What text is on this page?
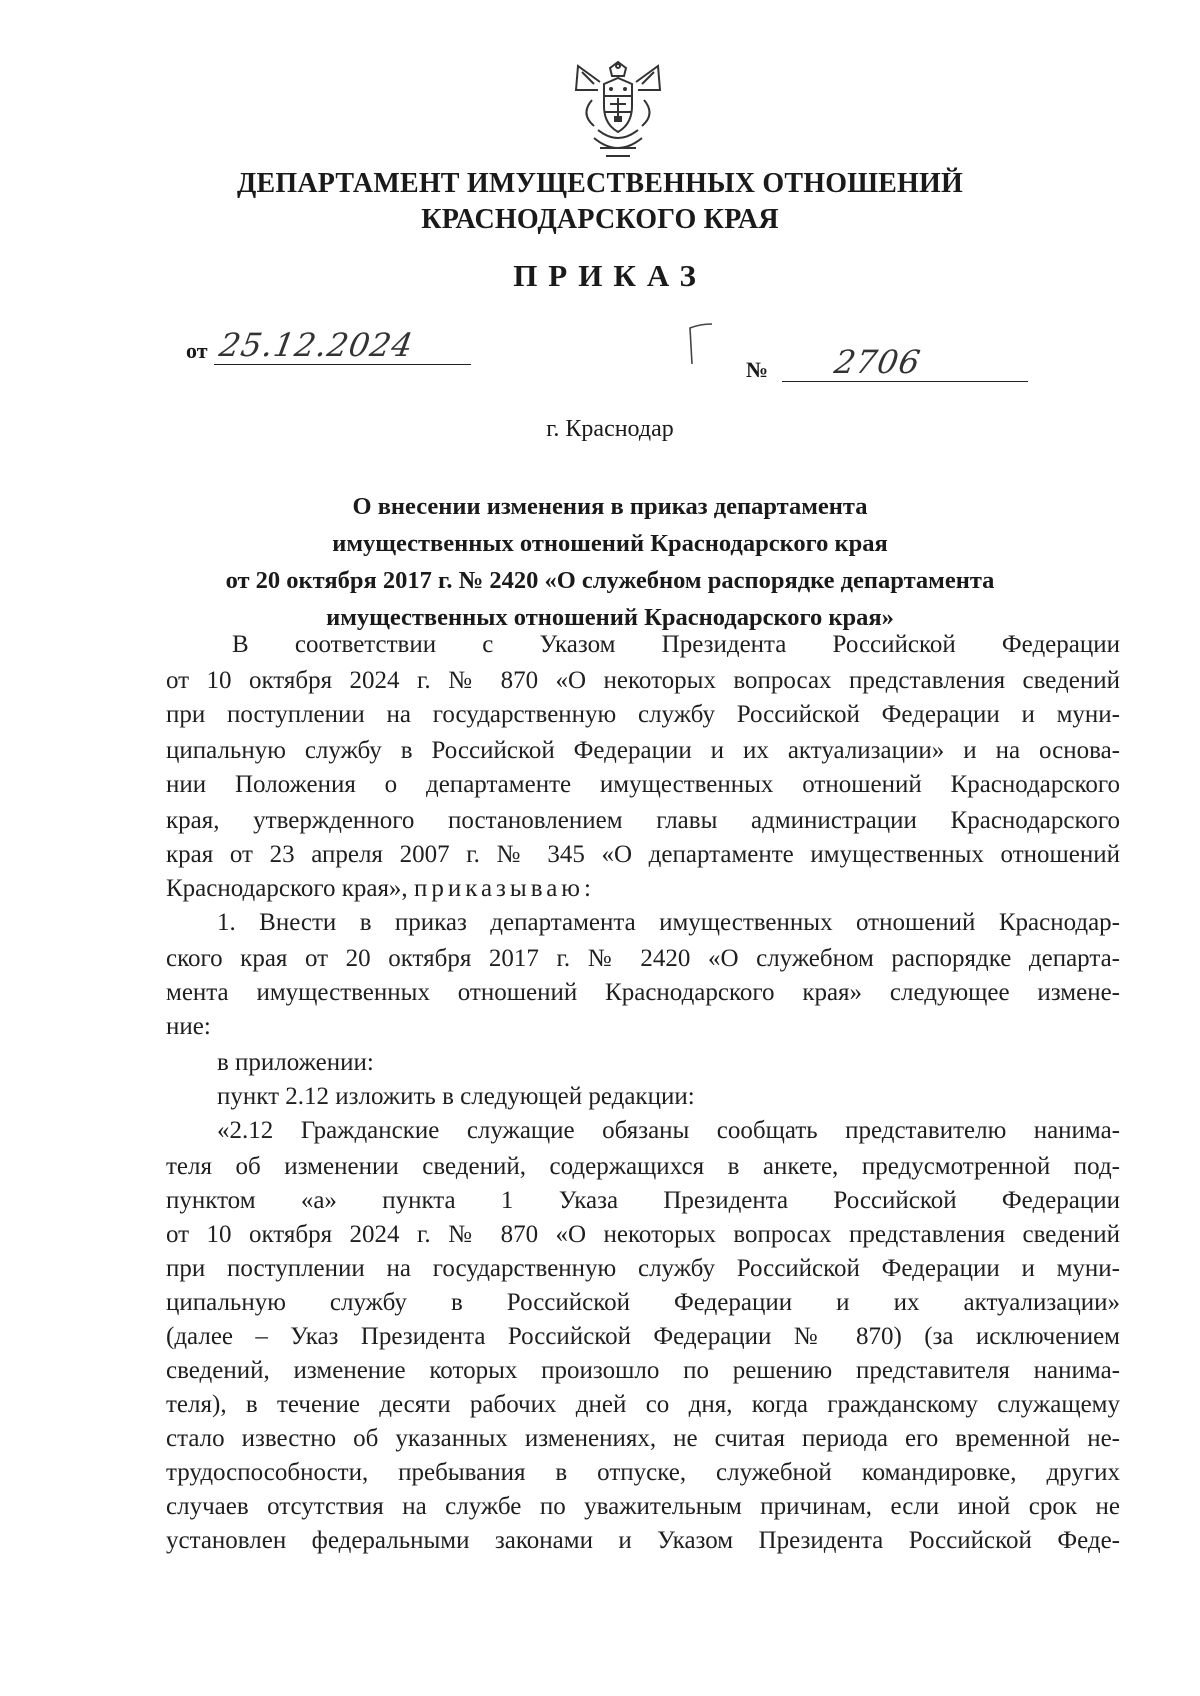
ДЕПАРТАМЕНТ ИМУЩЕСТВЕННЫХ ОТНОШЕНИЙ
КРАСНОДАРСКОГО КРАЯ
ПРИКАЗ
от 25.12.2024
№ 2706
г. Краснодар
О внесении изменения в приказ департамента
имущественных отношений Краснодарского края
от 20 октября 2017 г. № 2420 «О служебном распорядке департамента
имущественных отношений Краснодарского края»
В соответствии с Указом Президента Российской Федерации
от 10 октября 2024 г. № 870 «О некоторых вопросах представления сведений
при поступлении на государственную службу Российской Федерации и муни-
ципальную службу в Российской Федерации и их актуализации» и на основа-
нии Положения о департаменте имущественных отношений Краснодарского
края, утвержденного постановлением главы администрации Краснодарского
края от 23 апреля 2007 г. № 345 «О департаменте имущественных отношений
Краснодарского края», приказываю:
1. Внести в приказ департамента имущественных отношений Краснодар-
ского края от 20 октября 2017 г. № 2420 «О служебном распорядке департа-
мента имущественных отношений Краснодарского края» следующее измене-
ние:
в приложении:
пункт 2.12 изложить в следующей редакции:
«2.12 Гражданские служащие обязаны сообщать представителю нанима-
теля об изменении сведений, содержащихся в анкете, предусмотренной под-
пунктом «а» пункта 1 Указа Президента Российской Федерации
от 10 октября 2024 г. № 870 «О некоторых вопросах представления сведений
при поступлении на государственную службу Российской Федерации и муни-
ципальную службу в Российской Федерации и их актуализации»
(далее – Указ Президента Российской Федерации № 870) (за исключением
сведений, изменение которых произошло по решению представителя нанима-
теля), в течение десяти рабочих дней со дня, когда гражданскому служащему
стало известно об указанных изменениях, не считая периода его временной не-
трудоспособности, пребывания в отпуске, служебной командировке, других
случаев отсутствия на службе по уважительным причинам, если иной срок не
установлен федеральными законами и Указом Президента Российской Феде-
